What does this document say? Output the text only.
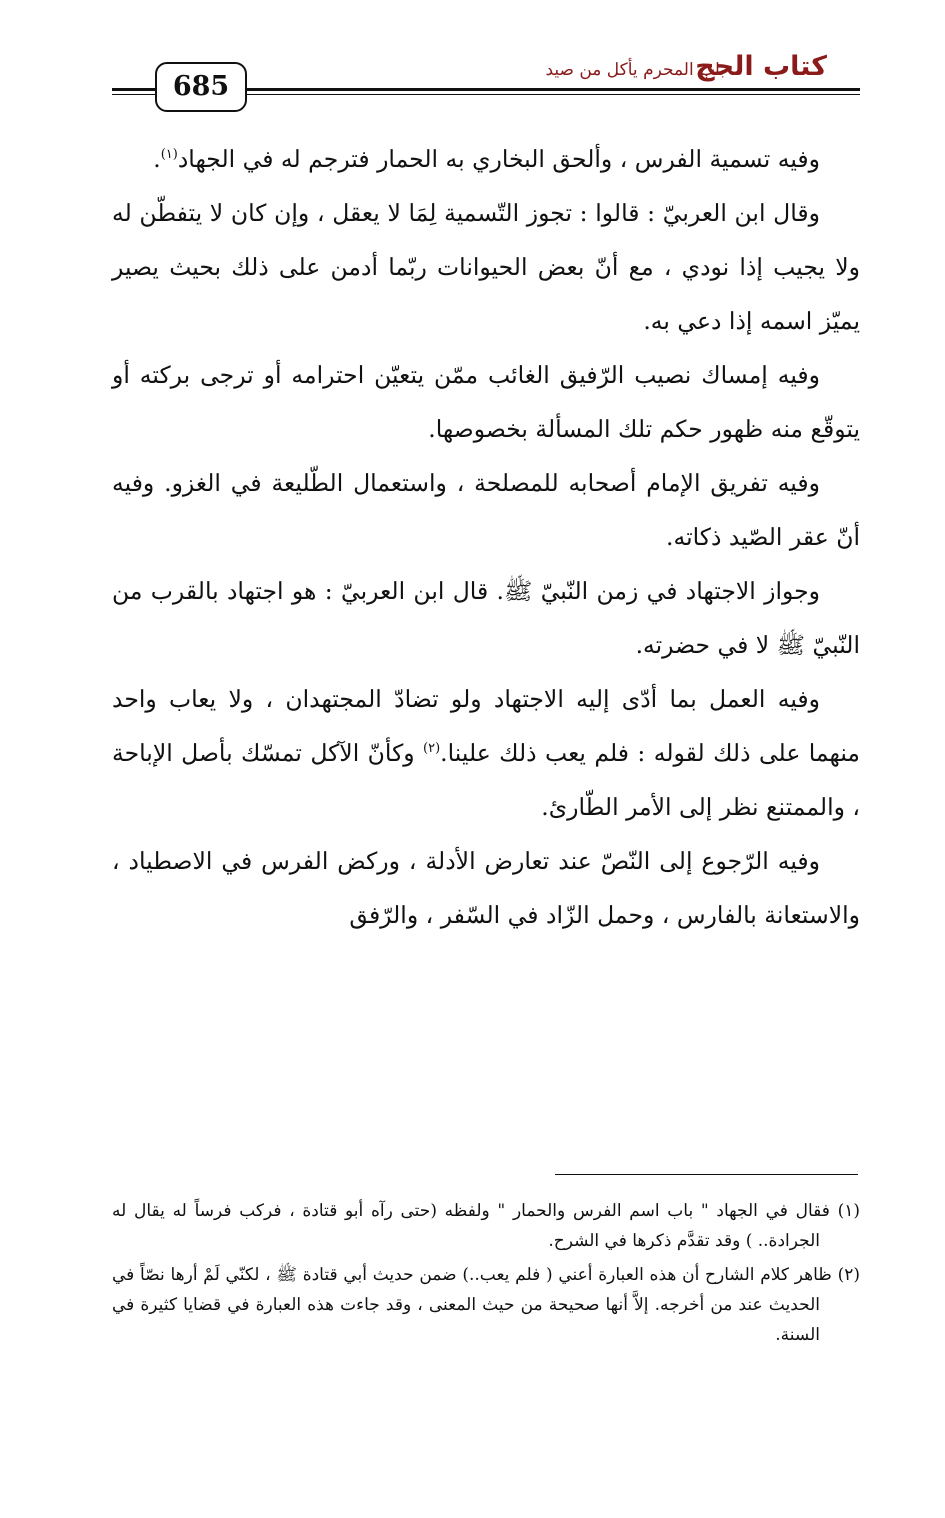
كتاب الحج
باب المحرم يأكل من صيد
685

وفيه تسمية الفرس ، وألحق البخاري به الحمار فترجم له في الجهاد$^{(١)}$.

وقال ابن العربيّ : قالوا : تجوز التّسمية لِمَا لا يعقل ، وإن كان لا يتفطّن له ولا يجيب إذا نودي ، مع أنّ بعض الحيوانات ربّما أدمن على ذلك بحيث يصير يميّز اسمه إذا دعي به.

وفيه إمساك نصيب الرّفيق الغائب ممّن يتعيّن احترامه أو ترجى بركته أو يتوقّع منه ظهور حكم تلك المسألة بخصوصها.

وفيه تفريق الإمام أصحابه للمصلحة ، واستعمال الطّليعة في الغزو. وفيه أنّ عقر الصّيد ذكاته.

وجواز الاجتهاد في زمن النّبيّ ﷺ. قال ابن العربيّ : هو اجتهاد بالقرب من النّبيّ ﷺ لا في حضرته.

وفيه العمل بما أدّى إليه الاجتهاد ولو تضادّ المجتهدان ، ولا يعاب واحد منهما على ذلك لقوله : فلم يعب ذلك علينا.$^{(٢)}$ وكأنّ الآكل تمسّك بأصل الإباحة ، والممتنع نظر إلى الأمر الطّارئ.

وفيه الرّجوع إلى النّصّ عند تعارض الأدلة ، وركض الفرس في الاصطياد ، والاستعانة بالفارس ، وحمل الزّاد في السّفر ، والرّفق

(١) فقال في الجهاد " باب اسم الفرس والحمار " ولفظه (حتى رآه أبو قتادة ، فركب فرساً له يقال له الجرادة.. ) وقد تقدَّم ذكرها في الشرح.

(٢) ظاهر كلام الشارح أن هذه العبارة أعني ( فلم يعب..) ضمن حديث أبي قتادة ﷺ ، لكنّي لَمْ أرها نصّاً في الحديث عند من أخرجه. إلاَّ أنها صحيحة من حيث المعنى ، وقد جاءت هذه العبارة في قضايا كثيرة في السنة.
